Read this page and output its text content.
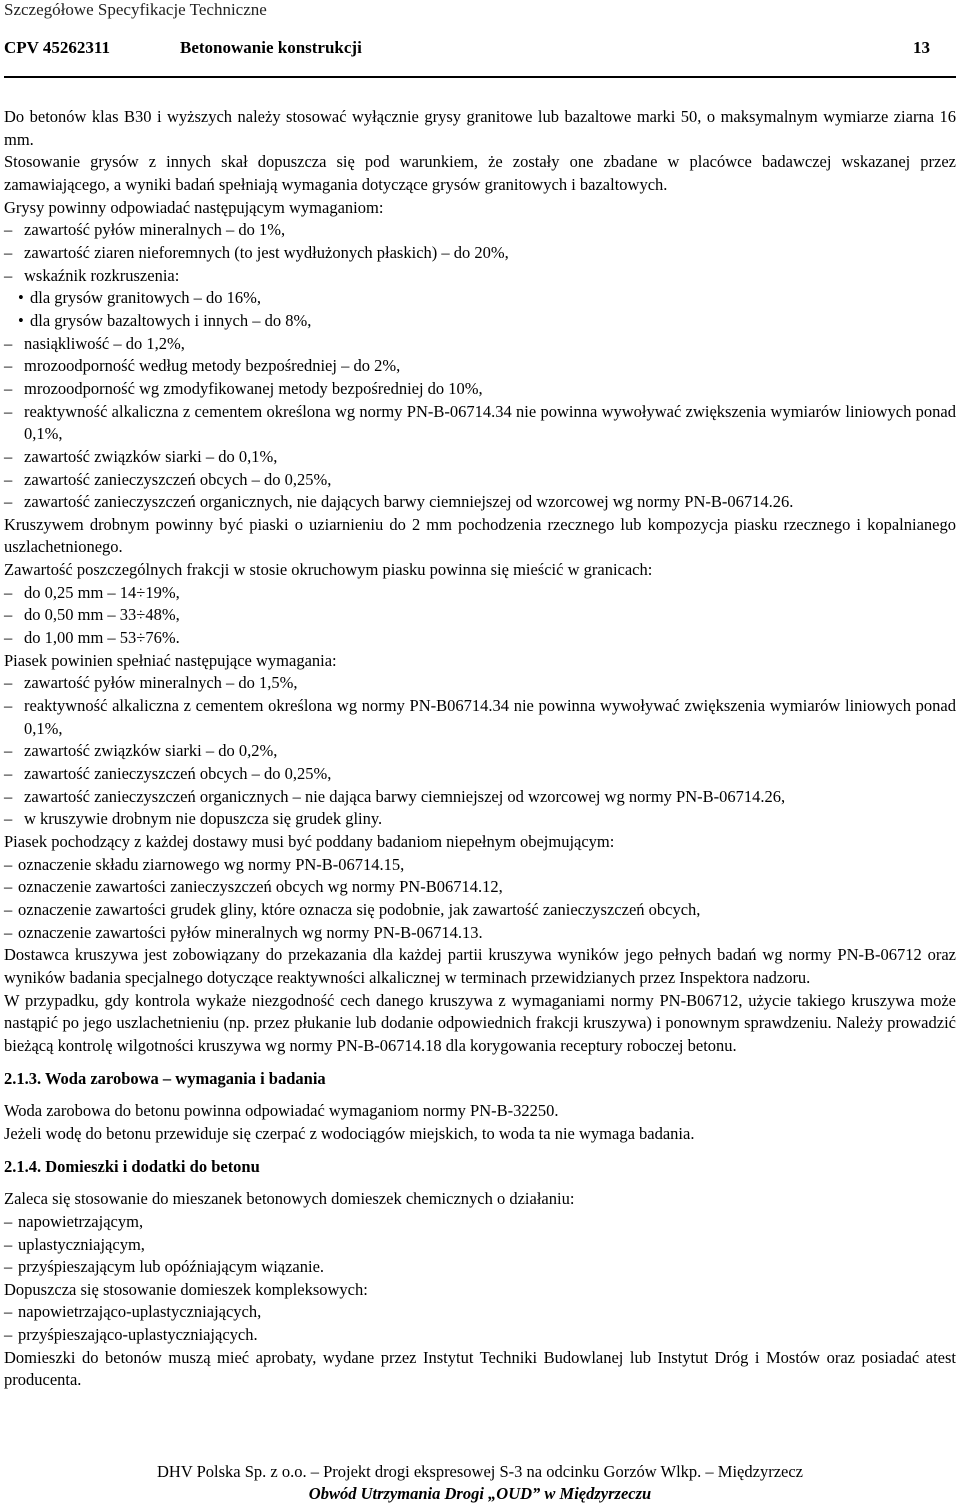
Szczegółowe Specyfikacje Techniczne
CPV 45262311	Betonowanie konstrukcji	13
Do betonów klas B30 i wyższych należy stosować wyłącznie grysy granitowe lub bazaltowe marki 50, o maksymalnym wymiarze ziarna 16 mm.
Stosowanie grysów z innych skał dopuszcza się pod warunkiem, że zostały one zbadane w placówce badawczej wskazanej przez zamawiającego, a wyniki badań spełniają wymagania dotyczące grysów granitowych i bazaltowych.
Grysy powinny odpowiadać następującym wymaganiom:
– zawartość pyłów mineralnych – do 1%,
– zawartość ziaren nieforemnych (to jest wydłużonych płaskich) – do 20%,
– wskaźnik rozkruszenia:
• dla grysów granitowych – do 16%,
• dla grysów bazaltowych i innych – do 8%,
– nasiąkliwość – do 1,2%,
– mrozoodporność według metody bezpośredniej – do 2%,
– mrozoodporność wg zmodyfikowanej metody bezpośredniej do 10%,
– reaktywność alkaliczna z cementem określona wg normy PN-B-06714.34 nie powinna wywoływać zwiększenia wymiarów liniowych ponad 0,1%,
– zawartość związków siarki – do 0,1%,
– zawartość zanieczyszczeń obcych – do 0,25%,
– zawartość zanieczyszczeń organicznych, nie dających barwy ciemniejszej od wzorcowej wg normy PN-B-06714.26.
Kruszywem drobnym powinny być piaski o uziarnieniu do 2 mm pochodzenia rzecznego lub kompozycja piasku rzecznego i kopalnianego uszlachetnionego.
Zawartość poszczególnych frakcji w stosie okruchowym piasku powinna się mieścić w granicach:
– do 0,25 mm – 14÷19%,
– do 0,50 mm – 33÷48%,
– do 1,00 mm – 53÷76%.
Piasek powinien spełniać następujące wymagania:
– zawartość pyłów mineralnych – do 1,5%,
– reaktywność alkaliczna z cementem określona wg normy PN-B06714.34 nie powinna wywoływać zwiększenia wymiarów liniowych ponad 0,1%,
– zawartość związków siarki – do 0,2%,
– zawartość zanieczyszczeń obcych – do 0,25%,
– zawartość zanieczyszczeń organicznych – nie dająca barwy ciemniejszej od wzorcowej wg normy PN-B-06714.26,
– w kruszywie drobnym nie dopuszcza się grudek gliny.
Piasek pochodzący z każdej dostawy musi być poddany badaniom niepełnym obejmującym:
– oznaczenie składu ziarnowego wg normy PN-B-06714.15,
– oznaczenie zawartości zanieczyszczeń obcych wg normy PN-B06714.12,
– oznaczenie zawartości grudek gliny, które oznacza się podobnie, jak zawartość zanieczyszczeń obcych,
– oznaczenie zawartości pyłów mineralnych wg normy PN-B-06714.13.
Dostawca kruszywa jest zobowiązany do przekazania dla każdej partii kruszywa wyników jego pełnych badań wg normy PN-B-06712 oraz wyników badania specjalnego dotyczące reaktywności alkalicznej w terminach przewidzianych przez Inspektora nadzoru.
W przypadku, gdy kontrola wykaże niezgodność cech danego kruszywa z wymaganiami normy PN-B06712, użycie takiego kruszywa może nastąpić po jego uszlachetnieniu (np. przez płukanie lub dodanie odpowiednich frakcji kruszywa) i ponownym sprawdzeniu. Należy prowadzić bieżącą kontrolę wilgotności kruszywa wg normy PN-B-06714.18 dla korygowania receptury roboczej betonu.
2.1.3. Woda zarobowa – wymagania i badania
Woda zarobowa do betonu powinna odpowiadać wymaganiom normy PN-B-32250.
Jeżeli wodę do betonu przewiduje się czerpać z wodociągów miejskich, to woda ta nie wymaga badania.
2.1.4. Domieszki i dodatki do betonu
Zaleca się stosowanie do mieszanek betonowych domieszek chemicznych o działaniu:
– napowietrzającym,
– uplastyczniającym,
– przyśpieszającym lub opóźniającym wiązanie.
Dopuszcza się stosowanie domieszek kompleksowych:
– napowietrzająco-uplastyczniających,
– przyśpieszająco-uplastyczniających.
Domieszki do betonów muszą mieć aprobaty, wydane przez Instytut Techniki Budowlanej lub Instytut Dróg i Mostów oraz posiadać atest producenta.
DHV Polska Sp. z o.o. – Projekt drogi ekspresowej S-3 na odcinku Gorzów Wlkp. – Międzyrzecz
Obwód Utrzymania Drogi „OUD” w Międzyrzeczu
